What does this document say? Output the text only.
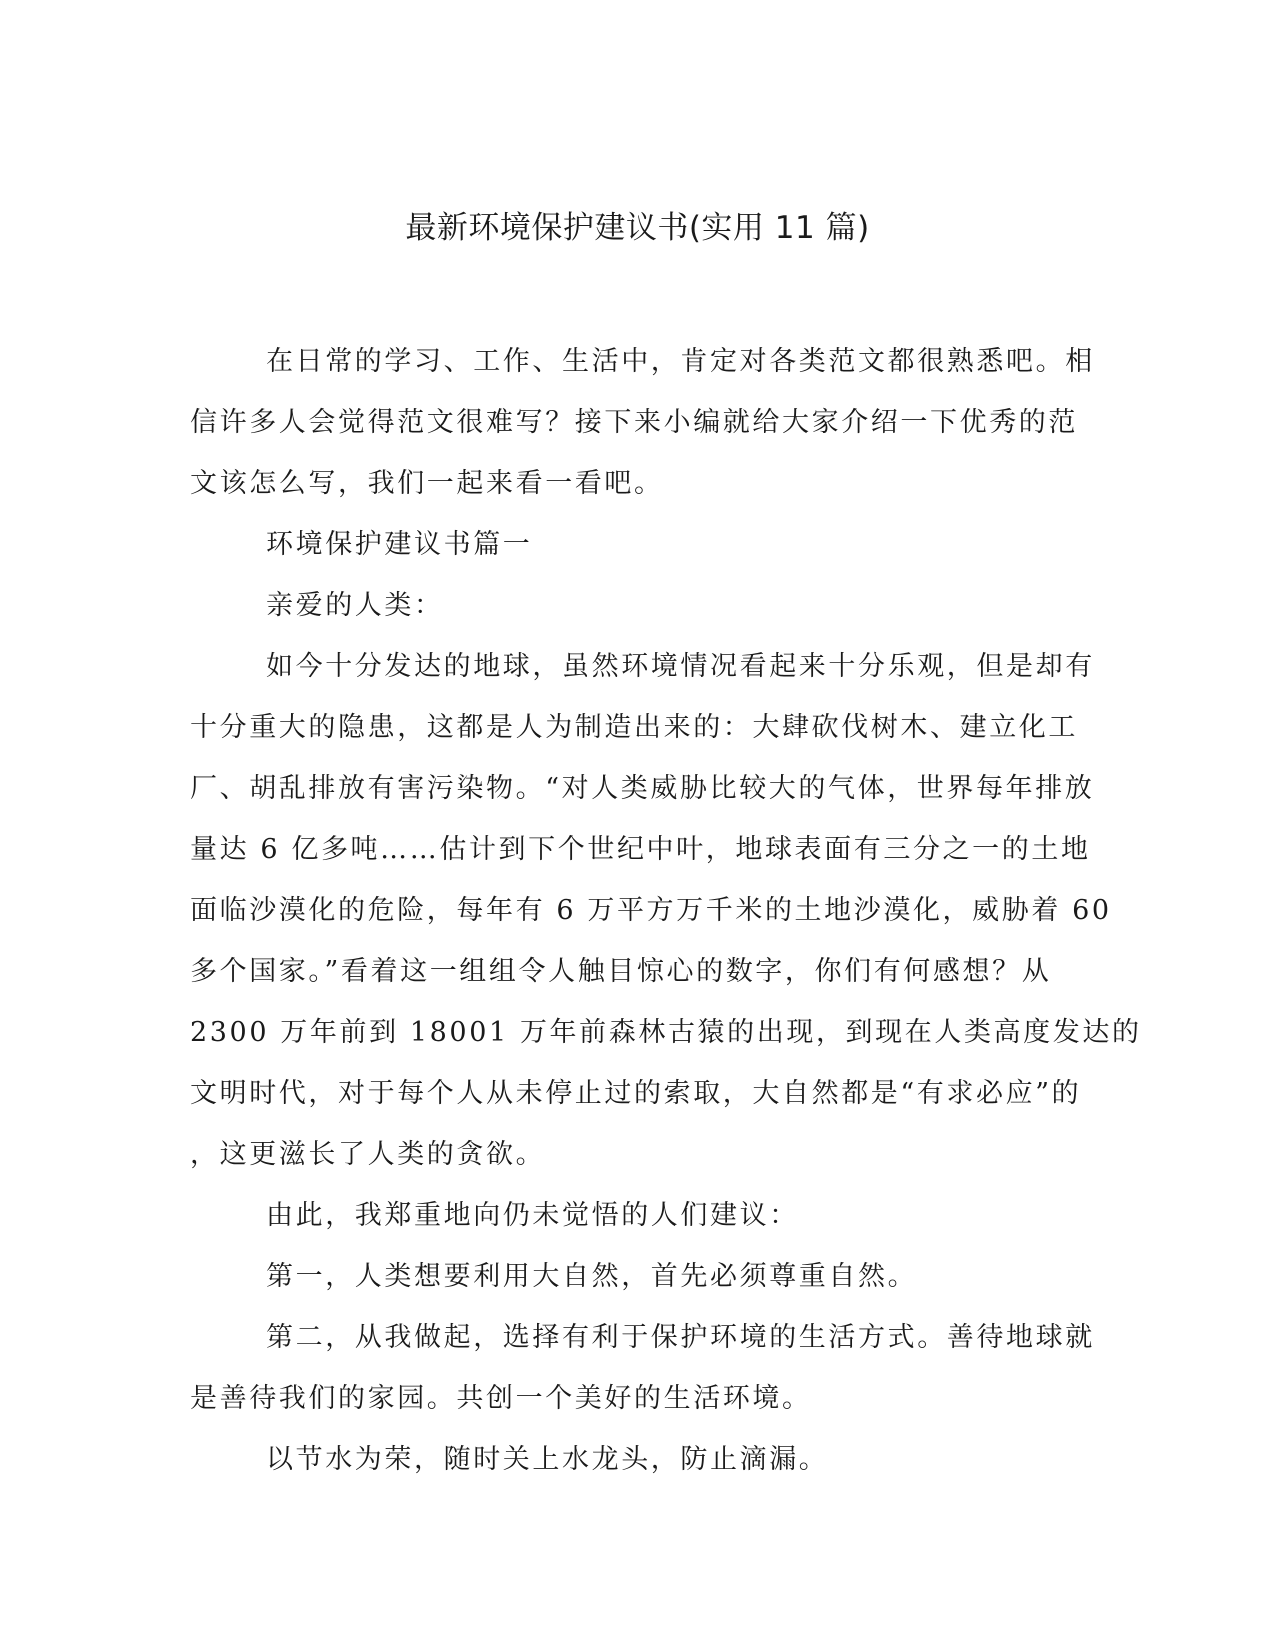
最新环境保护建议书(实用 11 篇)
在日常的学习、工作、生活中，肯定对各类范文都很熟悉吧。相
信许多人会觉得范文很难写？接下来小编就给大家介绍一下优秀的范
文该怎么写，我们一起来看一看吧。
环境保护建议书篇一
亲爱的人类：
如今十分发达的地球，虽然环境情况看起来十分乐观，但是却有
十分重大的隐患，这都是人为制造出来的：大肆砍伐树木、建立化工
厂、胡乱排放有害污染物。“对人类威胁比较大的气体，世界每年排放
量达 6 亿多吨……估计到下个世纪中叶，地球表面有三分之一的土地
面临沙漠化的危险，每年有 6 万平方万千米的土地沙漠化，威胁着 60
多个国家。”看着这一组组令人触目惊心的数字，你们有何感想？从
2300 万年前到 18001 万年前森林古猿的出现，到现在人类高度发达的
文明时代，对于每个人从未停止过的索取，大自然都是“有求必应”的
，这更滋长了人类的贪欲。
由此，我郑重地向仍未觉悟的人们建议：
第一，人类想要利用大自然，首先必须尊重自然。
第二，从我做起，选择有利于保护环境的生活方式。善待地球就
是善待我们的家园。共创一个美好的生活环境。
以节水为荣，随时关上水龙头，防止滴漏。
